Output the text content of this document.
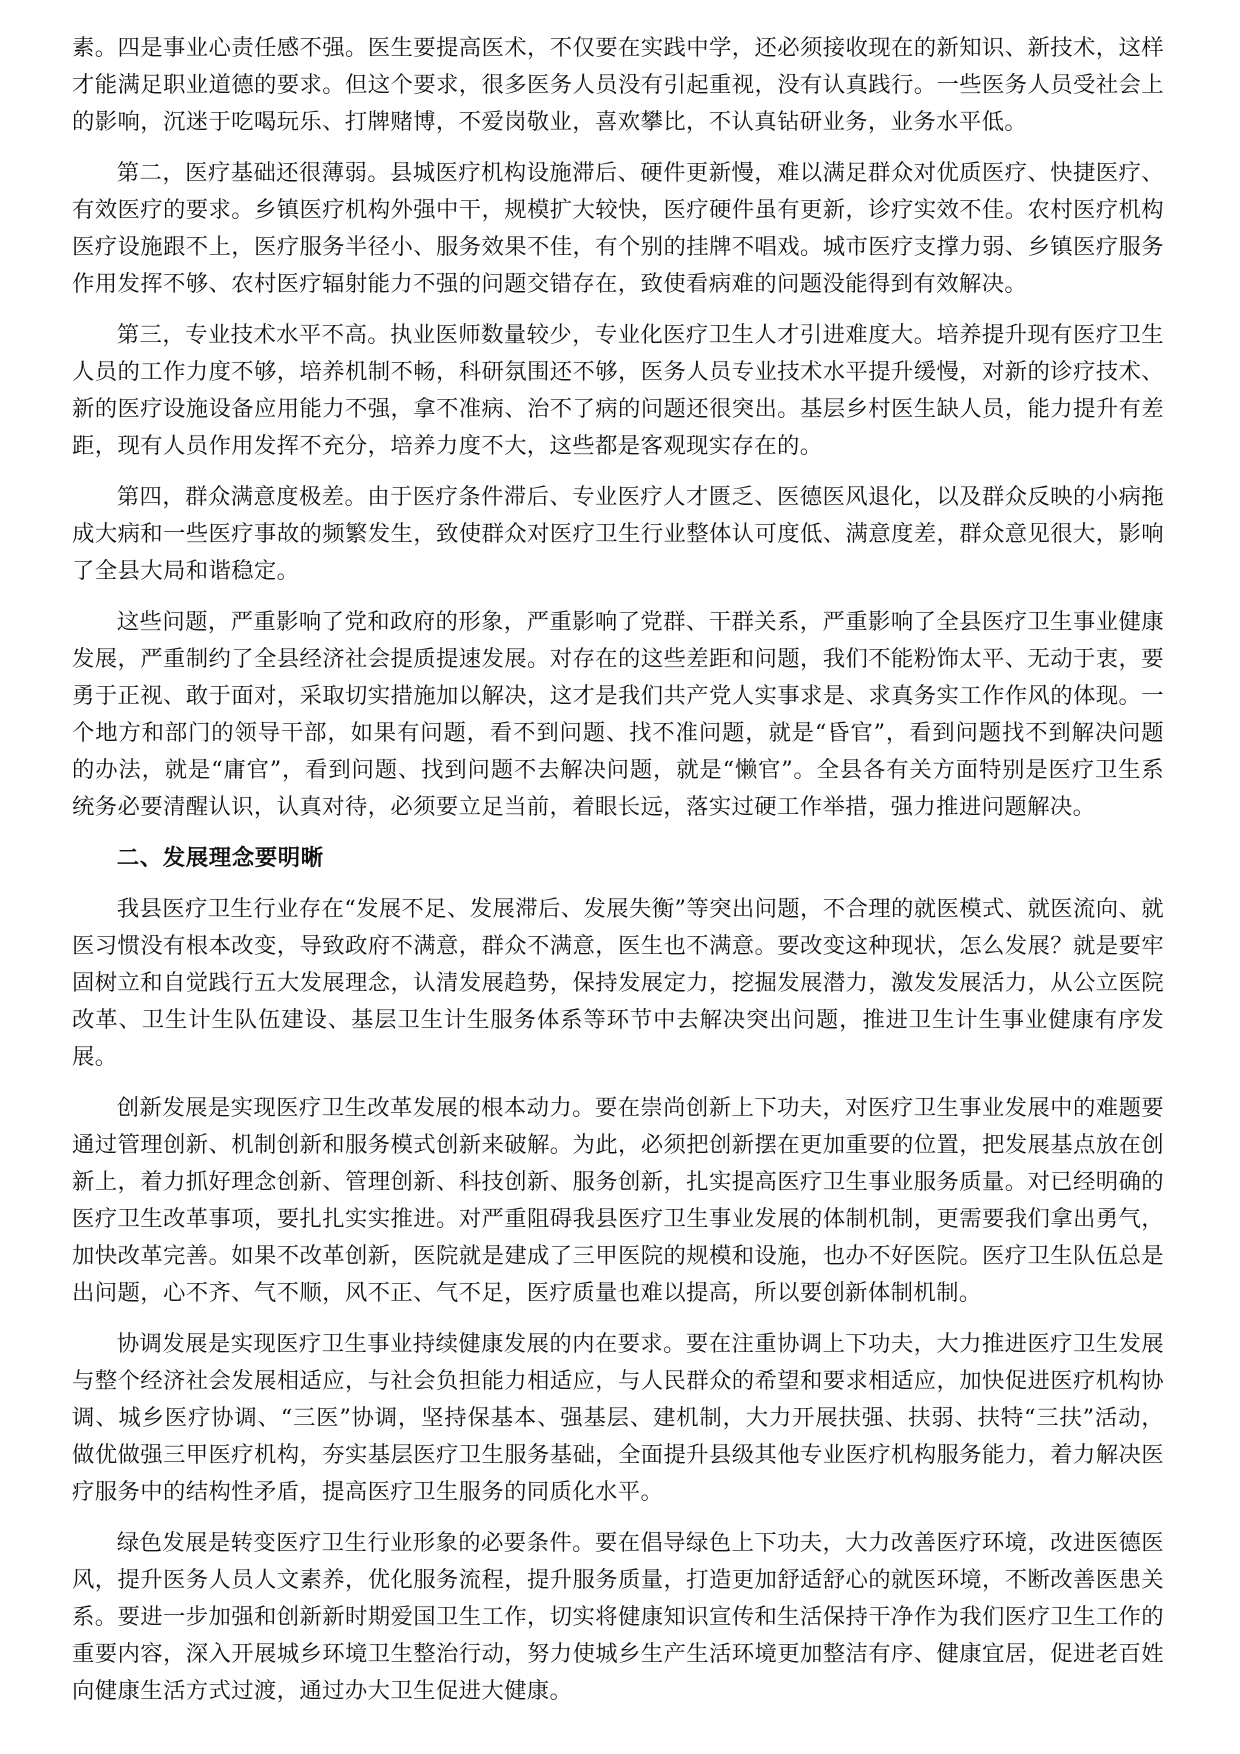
素。四是事业心责任感不强。医生要提高医术，不仅要在实践中学，还必须接收现在的新知识、新技术，这样才能满足职业道德的要求。但这个要求，很多医务人员没有引起重视，没有认真践行。一些医务人员受社会上的影响，沉迷于吃喝玩乐、打牌赌博，不爱岗敬业，喜欢攀比，不认真钻研业务，业务水平低。

第二，医疗基础还很薄弱。县城医疗机构设施滞后、硬件更新慢，难以满足群众对优质医疗、快捷医疗、有效医疗的要求。乡镇医疗机构外强中干，规模扩大较快，医疗硬件虽有更新，诊疗实效不佳。农村医疗机构医疗设施跟不上，医疗服务半径小、服务效果不佳，有个别的挂牌不唱戏。城市医疗支撑力弱、乡镇医疗服务作用发挥不够、农村医疗辐射能力不强的问题交错存在，致使看病难的问题没能得到有效解决。

第三，专业技术水平不高。执业医师数量较少，专业化医疗卫生人才引进难度大。培养提升现有医疗卫生人员的工作力度不够，培养机制不畅，科研氛围还不够，医务人员专业技术水平提升缓慢，对新的诊疗技术、新的医疗设施设备应用能力不强，拿不准病、治不了病的问题还很突出。基层乡村医生缺人员，能力提升有差距，现有人员作用发挥不充分，培养力度不大，这些都是客观现实存在的。

第四，群众满意度极差。由于医疗条件滞后、专业医疗人才匮乏、医德医风退化，以及群众反映的小病拖成大病和一些医疗事故的频繁发生，致使群众对医疗卫生行业整体认可度低、满意度差，群众意见很大，影响了全县大局和谐稳定。

这些问题，严重影响了党和政府的形象，严重影响了党群、干群关系，严重影响了全县医疗卫生事业健康发展，严重制约了全县经济社会提质提速发展。对存在的这些差距和问题，我们不能粉饰太平、无动于衷，要勇于正视、敢于面对，采取切实措施加以解决，这才是我们共产党人实事求是、求真务实工作作风的体现。一个地方和部门的领导干部，如果有问题，看不到问题、找不准问题，就是“昏官”，看到问题找不到解决问题的办法，就是“庸官”，看到问题、找到问题不去解决问题，就是“懒官”。全县各有关方面特别是医疗卫生系统务必要清醒认识，认真对待，必须要立足当前，着眼长远，落实过硬工作举措，强力推进问题解决。

二、发展理念要明晰

我县医疗卫生行业存在“发展不足、发展滞后、发展失衡”等突出问题，不合理的就医模式、就医流向、就医习惯没有根本改变，导致政府不满意，群众不满意，医生也不满意。要改变这种现状，怎么发展？就是要牢固树立和自觉践行五大发展理念，认清发展趋势，保持发展定力，挖掘发展潜力，激发发展活力，从公立医院改革、卫生计生队伍建设、基层卫生计生服务体系等环节中去解决突出问题，推进卫生计生事业健康有序发展。

创新发展是实现医疗卫生改革发展的根本动力。要在崇尚创新上下功夫，对医疗卫生事业发展中的难题要通过管理创新、机制创新和服务模式创新来破解。为此，必须把创新摆在更加重要的位置，把发展基点放在创新上，着力抓好理念创新、管理创新、科技创新、服务创新，扎实提高医疗卫生事业服务质量。对已经明确的医疗卫生改革事项，要扎扎实实推进。对严重阻碍我县医疗卫生事业发展的体制机制，更需要我们拿出勇气，加快改革完善。如果不改革创新，医院就是建成了三甲医院的规模和设施，也办不好医院。医疗卫生队伍总是出问题，心不齐、气不顺，风不正、气不足，医疗质量也难以提高，所以要创新体制机制。

协调发展是实现医疗卫生事业持续健康发展的内在要求。要在注重协调上下功夫，大力推进医疗卫生发展与整个经济社会发展相适应，与社会负担能力相适应，与人民群众的希望和要求相适应，加快促进医疗机构协调、城乡医疗协调、“三医”协调，坚持保基本、强基层、建机制，大力开展扶强、扶弱、扶特“三扶”活动，做优做强三甲医疗机构，夯实基层医疗卫生服务基础，全面提升县级其他专业医疗机构服务能力，着力解决医疗服务中的结构性矛盾，提高医疗卫生服务的同质化水平。

绿色发展是转变医疗卫生行业形象的必要条件。要在倡导绿色上下功夫，大力改善医疗环境，改进医德医风，提升医务人员人文素养，优化服务流程，提升服务质量，打造更加舒适舒心的就医环境，不断改善医患关系。要进一步加强和创新新时期爱国卫生工作，切实将健康知识宣传和生活保持干净作为我们医疗卫生工作的重要内容，深入开展城乡环境卫生整治行动，努力使城乡生产生活环境更加整洁有序、健康宜居，促进老百姓向健康生活方式过渡，通过办大卫生促进大健康。
